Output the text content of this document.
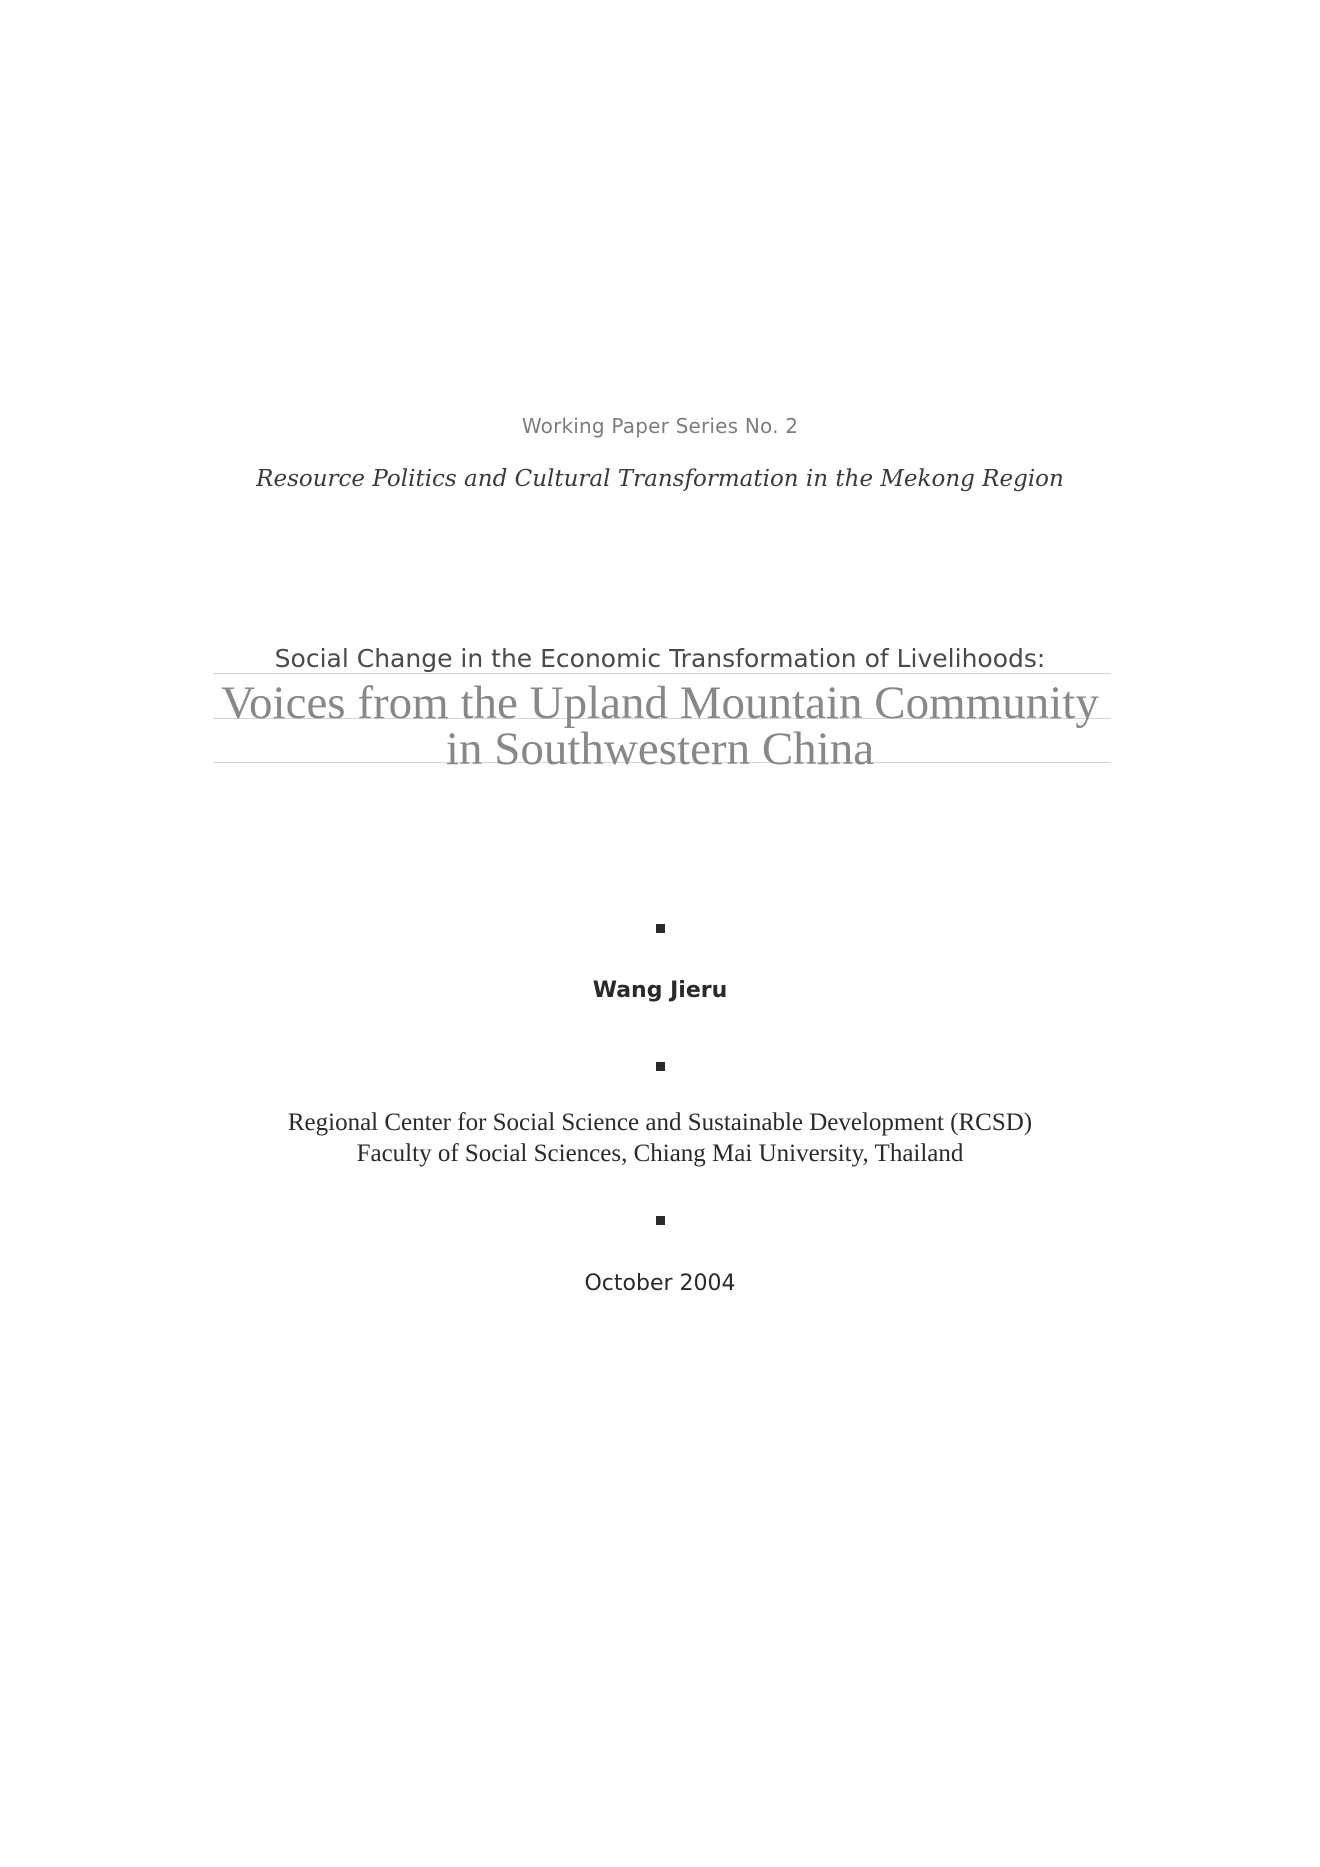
Working Paper Series No. 2
Resource Politics and Cultural Transformation in the Mekong Region
Social Change in the Economic Transformation of Livelihoods:
Voices from the Upland Mountain Community
in Southwestern China
Wang Jieru
Regional Center for Social Science and Sustainable Development (RCSD)
Faculty of Social Sciences, Chiang Mai University, Thailand
October 2004
